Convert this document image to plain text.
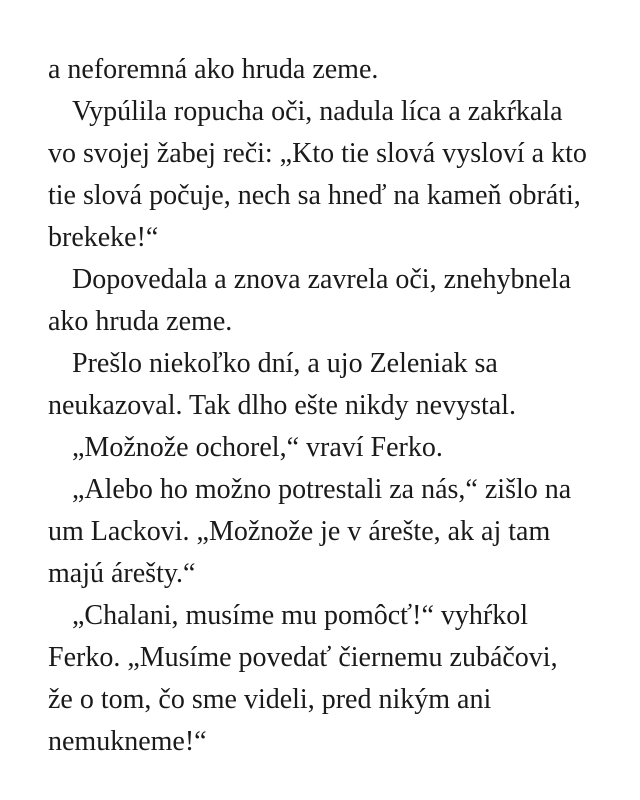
a neforemná ako hruda zeme.
Vypúlila ropucha oči, nadula líca a zakŕkala
vo svojej žabej reči: „Kto tie slová vysloví a kto
tie slová počuje, nech sa hneď na kameň obráti,
brekeke!“
Dopovedala a znova zavrela oči, znehybnela
ako hruda zeme.
Prešlo niekoľko dní, a ujo Zeleniak sa
neukazoval. Tak dlho ešte nikdy nevystal.
„Možnože ochorel,“ vraví Ferko.
„Alebo ho možno potrestali za nás,“ zišlo na
um Lackovi. „Možnože je v árešte, ak aj tam
majú árešty.“
„Chalani, musíme mu pomôcť!“ vyhŕkol
Ferko. „Musíme povedať čiernemu zubáčovi,
že o tom, čo sme videli, pred nikým ani
nemukneme!“
